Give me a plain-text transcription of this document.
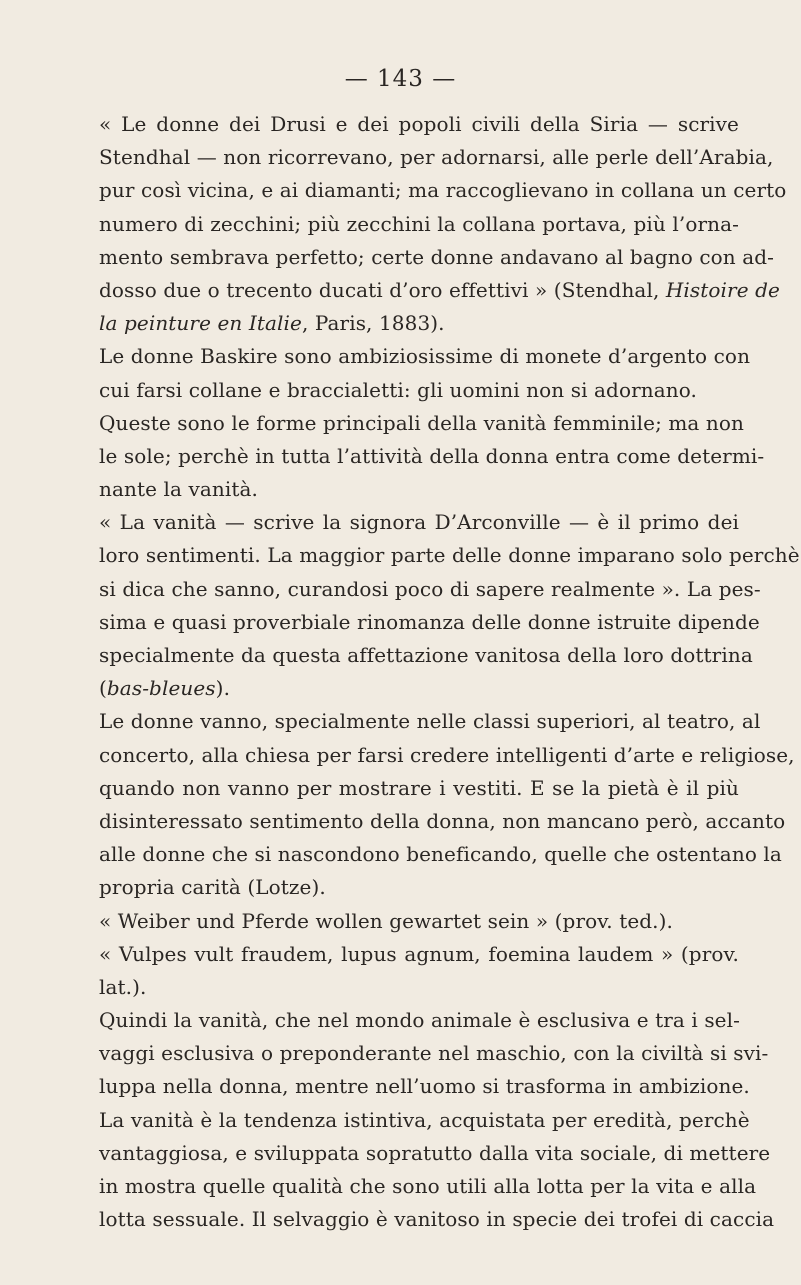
— 143 —
« Le donne dei Drusi e dei popoli civili della Siria — scrive
Stendhal — non ricorrevano, per adornarsi, alle perle dell’Arabia,
pur così vicina, e ai diamanti; ma raccoglievano in collana un certo
numero di zecchini; più zecchini la collana portava, più l’orna-
mento sembrava perfetto; certe donne andavano al bagno con ad-
dosso due o trecento ducati d’oro effettivi » (Stendhal, Histoire de
la peinture en Italie, Paris, 1883).
Le donne Baskire sono ambiziosissime di monete d’argento con
cui farsi collane e braccialetti: gli uomini non si adornano.
Queste sono le forme principali della vanità femminile; ma non
le sole; perchè in tutta l’attività della donna entra come determi-
nante la vanità.
« La vanità — scrive la signora D’Arconville — è il primo dei
loro sentimenti. La maggior parte delle donne imparano solo perchè
si dica che sanno, curandosi poco di sapere realmente ». La pes-
sima e quasi proverbiale rinomanza delle donne istruite dipende
specialmente da questa affettazione vanitosa della loro dottrina
(bas-bleues).
Le donne vanno, specialmente nelle classi superiori, al teatro, al
concerto, alla chiesa per farsi credere intelligenti d’arte e religiose,
quando non vanno per mostrare i vestiti. E se la pietà è il più
disinteressato sentimento della donna, non mancano però, accanto
alle donne che si nascondono beneficando, quelle che ostentano la
propria carità (Lotze).
« Weiber und Pferde wollen gewartet sein » (prov. ted.).
« Vulpes vult fraudem, lupus agnum, foemina laudem » (prov.
lat.).
Quindi la vanità, che nel mondo animale è esclusiva e tra i sel-
vaggi esclusiva o preponderante nel maschio, con la civiltà si svi-
luppa nella donna, mentre nell’uomo si trasforma in ambizione.
La vanità è la tendenza istintiva, acquistata per eredità, perchè
vantaggiosa, e sviluppata sopratutto dalla vita sociale, di mettere
in mostra quelle qualità che sono utili alla lotta per la vita e alla
lotta sessuale. Il selvaggio è vanitoso in specie dei trofei di caccia
